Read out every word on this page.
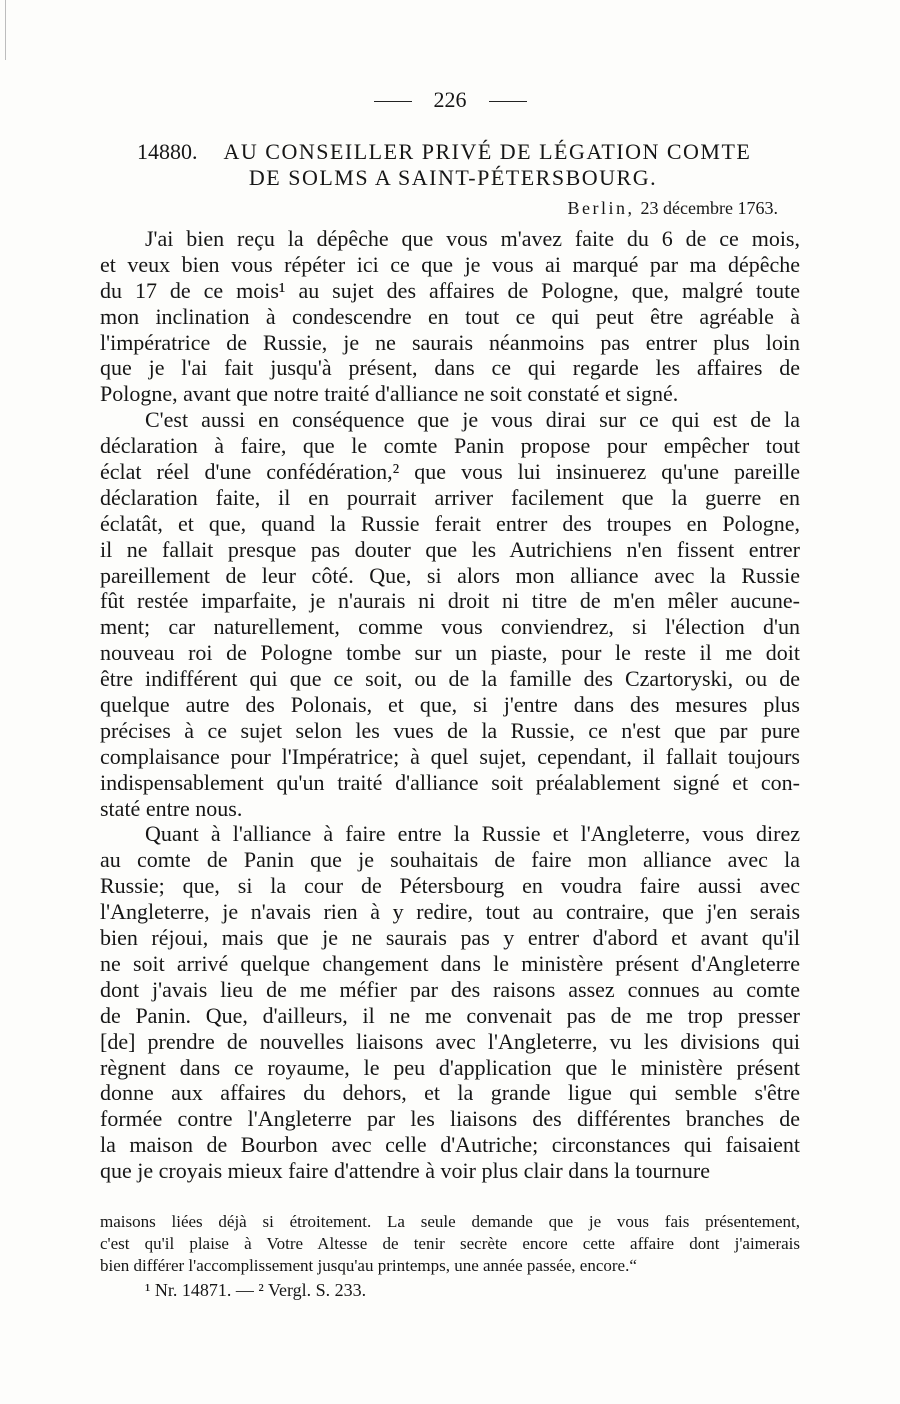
226
14880. AU CONSEILLER PRIVÉ DE LÉGATION COMTE
DE SOLMS A SAINT-PÉTERSBOURG.
Berlin, 23 décembre 1763.
J'ai bien reçu la dépêche que vous m'avez faite du 6 de ce mois,
et veux bien vous répéter ici ce que je vous ai marqué par ma dépêche
du 17 de ce mois¹ au sujet des affaires de Pologne, que, malgré toute
mon inclination à condescendre en tout ce qui peut être agréable à
l'impératrice de Russie, je ne saurais néanmoins pas entrer plus loin
que je l'ai fait jusqu'à présent, dans ce qui regarde les affaires de
Pologne, avant que notre traité d'alliance ne soit constaté et signé.
C'est aussi en conséquence que je vous dirai sur ce qui est de la
déclaration à faire, que le comte Panin propose pour empêcher tout
éclat réel d'une confédération,² que vous lui insinuerez qu'une pareille
déclaration faite, il en pourrait arriver facilement que la guerre en
éclatât, et que, quand la Russie ferait entrer des troupes en Pologne,
il ne fallait presque pas douter que les Autrichiens n'en fissent entrer
pareillement de leur côté. Que, si alors mon alliance avec la Russie
fût restée imparfaite, je n'aurais ni droit ni titre de m'en mêler aucune-
ment; car naturellement, comme vous conviendrez, si l'élection d'un
nouveau roi de Pologne tombe sur un piaste, pour le reste il me doit
être indifférent qui que ce soit, ou de la famille des Czartoryski, ou de
quelque autre des Polonais, et que, si j'entre dans des mesures plus
précises à ce sujet selon les vues de la Russie, ce n'est que par pure
complaisance pour l'Impératrice; à quel sujet, cependant, il fallait toujours
indispensablement qu'un traité d'alliance soit préalablement signé et con-
staté entre nous.
Quant à l'alliance à faire entre la Russie et l'Angleterre, vous direz
au comte de Panin que je souhaitais de faire mon alliance avec la
Russie; que, si la cour de Pétersbourg en voudra faire aussi avec
l'Angleterre, je n'avais rien à y redire, tout au contraire, que j'en serais
bien réjoui, mais que je ne saurais pas y entrer d'abord et avant qu'il
ne soit arrivé quelque changement dans le ministère présent d'Angleterre
dont j'avais lieu de me méfier par des raisons assez connues au comte
de Panin. Que, d'ailleurs, il ne me convenait pas de me trop presser
[de] prendre de nouvelles liaisons avec l'Angleterre, vu les divisions qui
règnent dans ce royaume, le peu d'application que le ministère présent
donne aux affaires du dehors, et la grande ligue qui semble s'être
formée contre l'Angleterre par les liaisons des différentes branches de
la maison de Bourbon avec celle d'Autriche; circonstances qui faisaient
que je croyais mieux faire d'attendre à voir plus clair dans la tournure
maisons liées déjà si étroitement. La seule demande que je vous fais présentement,
c'est qu'il plaise à Votre Altesse de tenir secrète encore cette affaire dont j'aimerais
bien différer l'accomplissement jusqu'au printemps, une année passée, encore.“
¹ Nr. 14871. — ² Vergl. S. 233.
